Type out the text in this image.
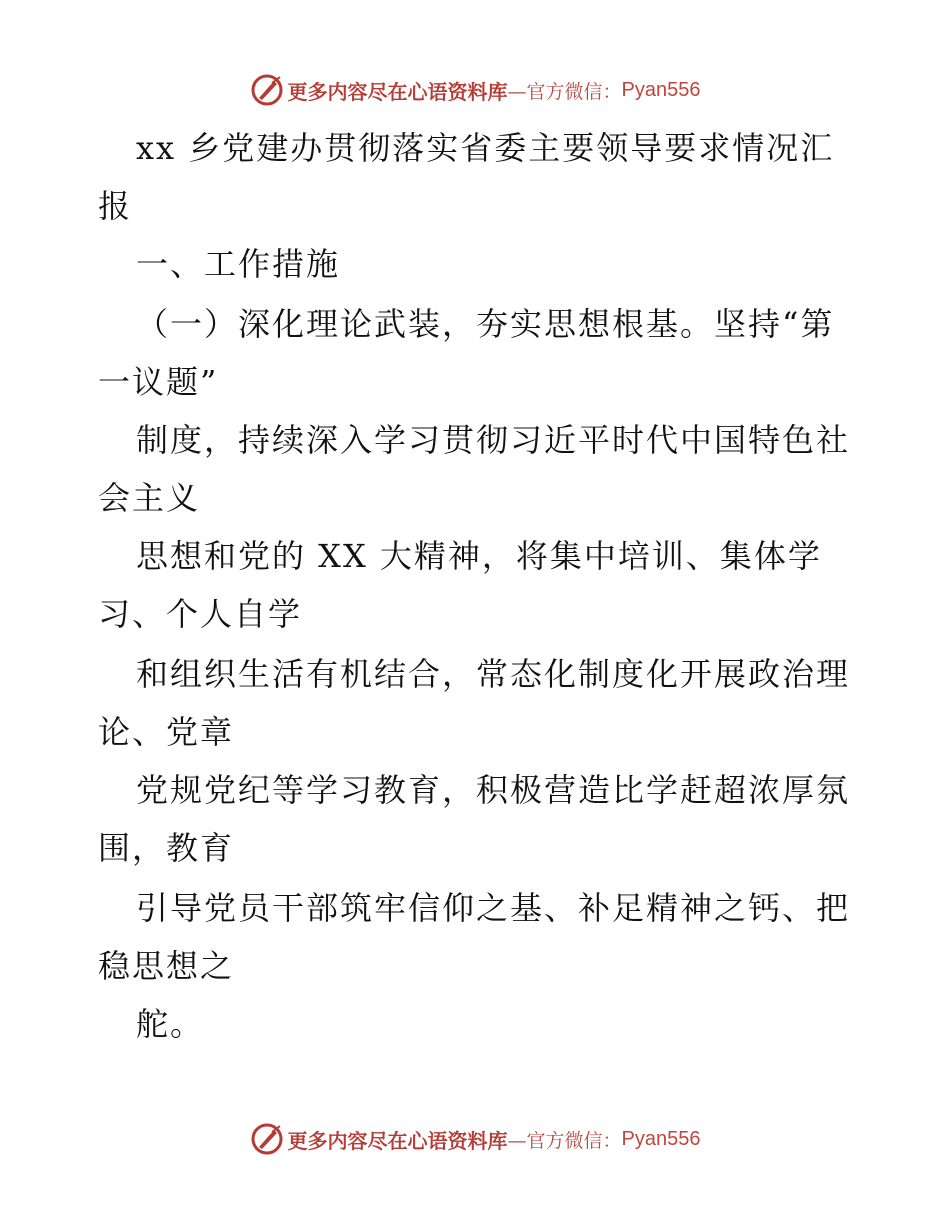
更多内容尽在心语资料库 —官方微信： Pyan556
xx 乡党建办贯彻落实省委主要领导要求情况汇
报
一、工作措施
（一）深化理论武装，夯实思想根基。坚持“第
一议题”
制度，持续深入学习贯彻习近平时代中国特色社
会主义
思想和党的 XX 大精神，将集中培训、集体学
习、个人自学
和组织生活有机结合，常态化制度化开展政治理
论、党章
党规党纪等学习教育，积极营造比学赶超浓厚氛
围，教育
引导党员干部筑牢信仰之基、补足精神之钙、把
稳思想之
舵。
更多内容尽在心语资料库 —官方微信： Pyan556
